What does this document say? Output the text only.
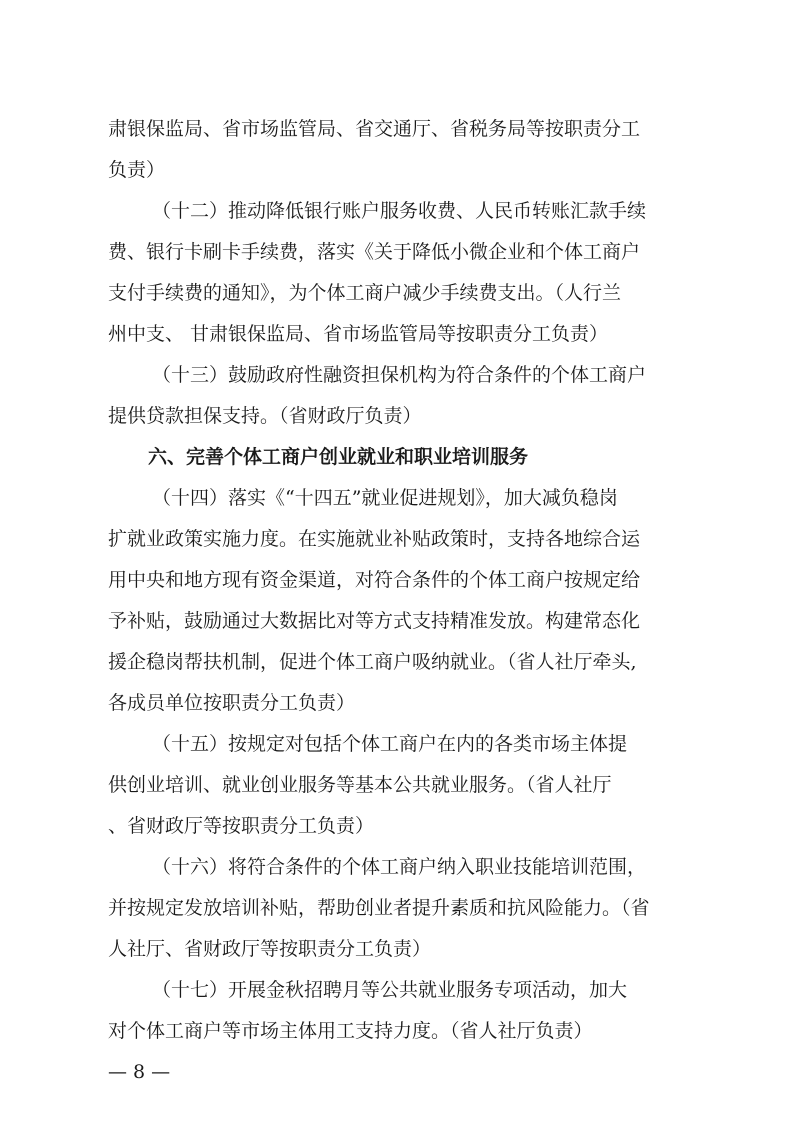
肃银保监局、省市场监管局、省交通厅、省税务局等按职责分工

负责）

（十二）推动降低银行账户服务收费、人民币转账汇款手续

费、银行卡刷卡手续费，落实《关于降低小微企业和个体工商户

支付手续费的通知》，为个体工商户减少手续费支出。（人行兰

州中支、 甘肃银保监局、省市场监管局等按职责分工负责）

（十三）鼓励政府性融资担保机构为符合条件的个体工商户

提供贷款担保支持。（省财政厅负责）

六、完善个体工商户创业就业和职业培训服务

（十四）落实《“十四五”就业促进规划》，加大减负稳岗

扩就业政策实施力度。在实施就业补贴政策时，支持各地综合运

用中央和地方现有资金渠道，对符合条件的个体工商户按规定给

予补贴，鼓励通过大数据比对等方式支持精准发放。构建常态化

援企稳岗帮扶机制，促进个体工商户吸纳就业。（省人社厅牵头,

各成员单位按职责分工负责）

（十五）按规定对包括个体工商户在内的各类市场主体提

供创业培训、就业创业服务等基本公共就业服务。（省人社厅

、省财政厅等按职责分工负责）

（十六）将符合条件的个体工商户纳入职业技能培训范围，

并按规定发放培训补贴，帮助创业者提升素质和抗风险能力。（省

人社厅、省财政厅等按职责分工负责）

（十七）开展金秋招聘月等公共就业服务专项活动，加大

对个体工商户等市场主体用工支持力度。（省人社厅负责）

— 8 —
